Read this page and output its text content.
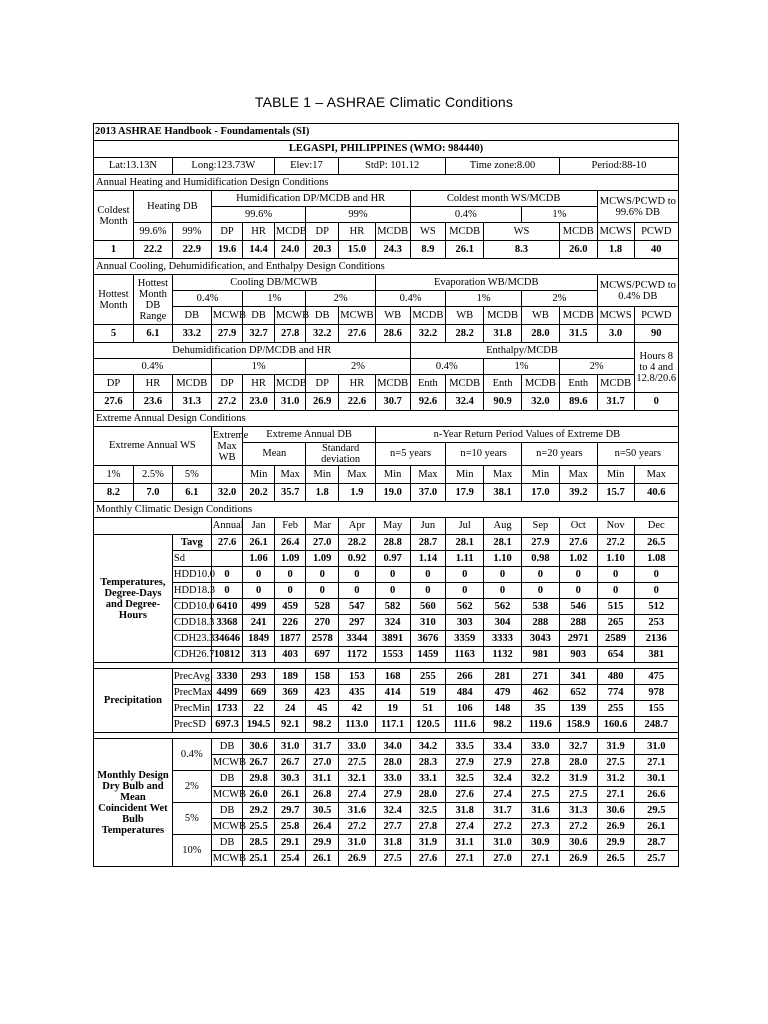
TABLE 1 – ASHRAE Climatic Conditions
2013 ASHRAE Handbook - Foundamentals (SI)															
LEGASPI, PHILIPPINES (WMO: 984440)															
Lat:13.13N		Long:123.73W			Elev:17		StdP: 101.12			Time zone:8.00			Period:88-10		
Annual Heating and Humidification Design Conditions															
Coldest Month	Heating DB		Humidification DP/MCDB and HR						Coldest month WS/MCDB					MCWS/PCWD to 99.6% DB	
			99.6%			99%			0.4%			1%			
	99.6%	99%	DP	HR	MCDB	DP	HR	MCDB	WS	MCDB	WS		MCDB	MCWS	PCWD
1	22.2	22.9	19.6	14.4	24.0	20.3	15.0	24.3	8.9	26.1	8.3		26.0	1.8	40
Annual Cooling, Dehumidification, and Enthalpy Design Conditions															
Hottest Month	Hottest Month DB Range	Cooling DB/MCWB						Evaporation WB/MCDB						MCWS/PCWD to 0.4% DB	
		0.4%		1%		2%		0.4%		1%		2%			
		DB	MCWB	DB	MCWB	DB	MCWB	WB	MCDB	WB	MCDB	WB	MCDB	MCWS	PCWD
5	6.1	33.2	27.9	32.7	27.8	32.2	27.6	28.6	32.2	28.2	31.8	28.0	31.5	3.0	90
Dehumidification DP/MCDB and HR									Enthalpy/MCDB						Hours 8 to 4 and 12.8/20.6
0.4%			1%			2%			0.4%		1%		2%		
DP	HR	MCDB	DP	HR	MCDB	DP	HR	MCDB	Enth	MCDB	Enth	MCDB	Enth	MCDB	
27.6	23.6	31.3	27.2	23.0	31.0	26.9	22.6	30.7	92.6	32.4	90.9	32.0	89.6	31.7	0
Extreme Annual Design Conditions															
Extreme Annual WS			Extreme Max WB	Extreme Annual DB				n-Year Return Period Values of Extreme DB							
				Mean		Standard deviation		n=5 years		n=10 years		n=20 years		n=50 years	

1%	2.5%	5%		Min	Max	Min	Max	Min	Max	Min	Max	Min	Max	Min	Max
8.2	7.0	6.1	32.0	20.2	35.7	1.8	1.9	19.0	37.0	17.9	38.1	17.0	39.2	15.7	40.6
Monthly Climatic Design Conditions															
			Annual	Jan	Feb	Mar	Apr	May	Jun	Jul	Aug	Sep	Oct	Nov	Dec
Temperatures, Degree-Days and Degree-Hours		Tavg	27.6	26.1	26.4	27.0	28.2	28.8	28.7	28.1	28.1	27.9	27.6	27.2	26.5
		Sd		1.06	1.09	1.09	0.92	0.97	1.14	1.11	1.10	0.98	1.02	1.10	1.08
		HDD10.0	0	0	0	0	0	0	0	0	0	0	0	0	0
		HDD18.3	0	0	0	0	0	0	0	0	0	0	0	0	0
		CDD10.0	6410	499	459	528	547	582	560	562	562	538	546	515	512
		CDD18.3	3368	241	226	270	297	324	310	303	304	288	288	265	253
		CDH23.3	34646	1849	1877	2578	3344	3891	3676	3359	3333	3043	2971	2589	2136
		CDH26.7	10812	313	403	697	1172	1553	1459	1163	1132	981	903	654	381

Precipitation		PrecAvg	3330	293	189	158	153	168	255	266	281	271	341	480	475
		PrecMax	4499	669	369	423	435	414	519	484	479	462	652	774	978
		PrecMin	1733	22	24	45	42	19	51	106	148	35	139	255	155
		PrecSD	697.3	194.5	92.1	98.2	113.0	117.1	120.5	111.6	98.2	119.6	158.9	160.6	248.7

Monthly Design Dry Bulb and Mean Coincident Wet Bulb Temperatures		0.4%	DB	30.6	31.0	31.7	33.0	34.0	34.2	33.5	33.4	33.0	32.7	31.9	31.0
			MCWB	26.7	26.7	27.0	27.5	28.0	28.3	27.9	27.9	27.8	28.0	27.5	27.1
		2%	DB	29.8	30.3	31.1	32.1	33.0	33.1	32.5	32.4	32.2	31.9	31.2	30.1
			MCWB	26.0	26.1	26.8	27.4	27.9	28.0	27.6	27.4	27.5	27.5	27.1	26.6
		5%	DB	29.2	29.7	30.5	31.6	32.4	32.5	31.8	31.7	31.6	31.3	30.6	29.5
			MCWB	25.5	25.8	26.4	27.2	27.7	27.8	27.4	27.2	27.3	27.2	26.9	26.1
		10%	DB	28.5	29.1	29.9	31.0	31.8	31.9	31.1	31.0	30.9	30.6	29.9	28.7
			MCWB	25.1	25.4	26.1	26.9	27.5	27.6	27.1	27.0	27.1	26.9	26.5	25.7
